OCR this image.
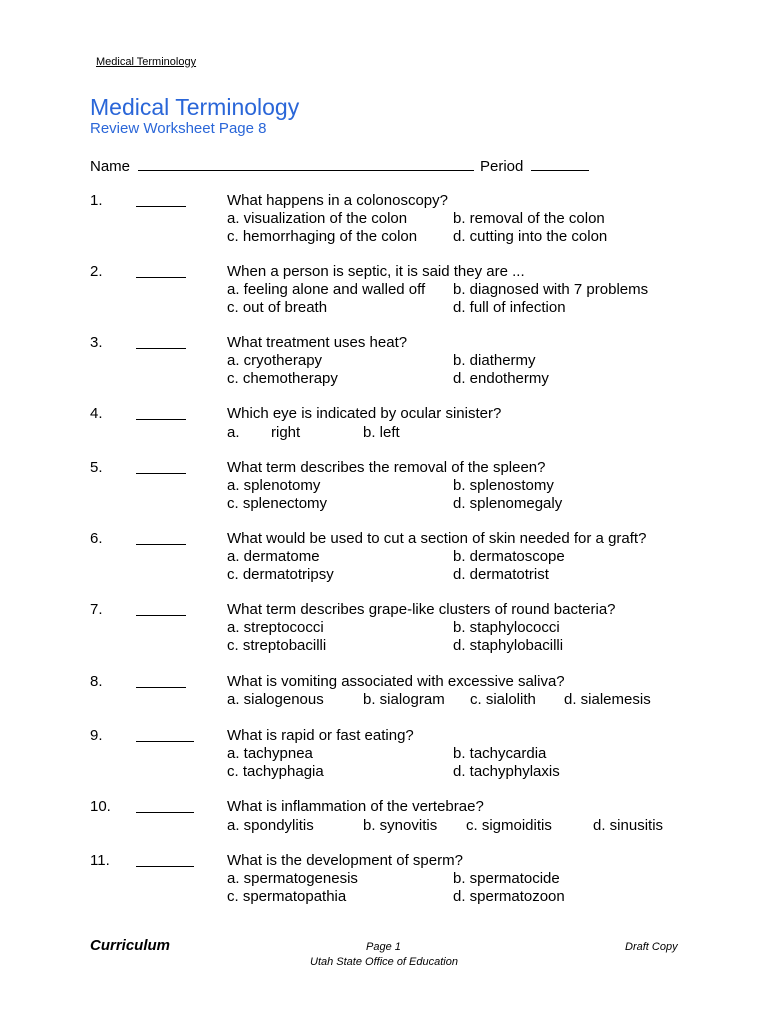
Medical Terminology
Medical Terminology
Review Worksheet Page 8
Name	Period
1.	What happens in a colonoscopy?
a. visualization of the colon	b. removal of the colon
c. hemorrhaging of the colon d. cutting into the colon
2.	When a person is septic, it is said they are ...
a. feeling alone and walled off b. diagnosed with 7 problems
c. out of breath	d. full of infection
3.	What treatment uses heat?
a. cryotherapy	b. diathermy
c. chemotherapy	d. endothermy
4.	Which eye is indicated by ocular sinister?
a. right	b. left
5.	What term describes the removal of the spleen?
a. splenotomy	b. splenostomy
c. splenectomy	d. splenomegaly
6.	What would be used to cut a section of skin needed for a graft?
a. dermatome	b. dermatoscope
c. dermatotripsy	d. dermatotrist
7.	What term describes grape-like clusters of round bacteria?
a. streptococci	b. staphylococci
c. streptobacilli	d. staphylobacilli
8.	What is vomiting associated with excessive saliva?
a. sialogenous	b. sialogram c. sialolith d. sialemesis
9.	What is rapid or fast eating?
a. tachypnea	b. tachycardia
c. tachyphagia	d. tachyphylaxis
10.	What is inflammation of the vertebrae?
a. spondylitis	b. synovitis c. sigmoiditis	d. sinusitis
11.	What is the development of sperm?
a. spermatogenesis	b. spermatocide
c. spermatopathia	d. spermatozoon
Curriculum	Page 1
Utah State Office of Education
Draft Copy
